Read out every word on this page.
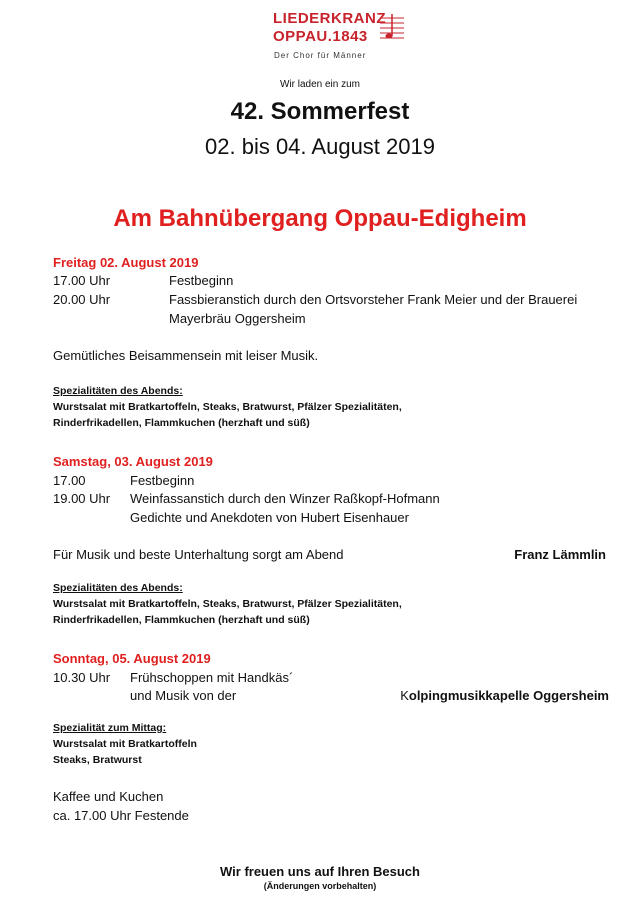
LIEDERKRANZ
OPPAU.1843
Der Chor für Männer
Wir laden ein zum
42. Sommerfest
02. bis 04. August 2019
Am Bahnübergang Oppau-Edigheim
Freitag 02. August 2019
17.00 Uhr	Festbeginn
20.00 Uhr	Fassbieranstich durch den Ortsvorsteher Frank Meier und der Brauerei
Mayerbräu Oggersheim
Gemütliches Beisammensein mit leiser Musik.
Spezialitäten des Abends:
Wurstsalat mit Bratkartoffeln, Steaks, Bratwurst, Pfälzer Spezialitäten,
Rinderfrikadellen, Flammkuchen (herzhaft und süß)
Samstag, 03. August 2019
17.00	Festbeginn
19.00 Uhr Weinfassanstich durch den Winzer Raßkopf-Hofmann
Gedichte und Anekdoten von Hubert Eisenhauer
Für Musik und beste Unterhaltung sorgt am Abend	Franz Lämmlin
Spezialitäten des Abends:
Wurstsalat mit Bratkartoffeln, Steaks, Bratwurst, Pfälzer Spezialitäten,
Rinderfrikadellen, Flammkuchen (herzhaft und süß)
Sonntag, 05. August 2019
10.30 Uhr Frühschoppen mit Handkäs´
und Musik von der	Kolpingmusikkapelle Oggersheim
Spezialität zum Mittag:
Wurstsalat mit Bratkartoffeln
Steaks, Bratwurst
Kaffee und Kuchen
ca. 17.00 Uhr Festende
Wir freuen uns auf Ihren Besuch
(Änderungen vorbehalten)
